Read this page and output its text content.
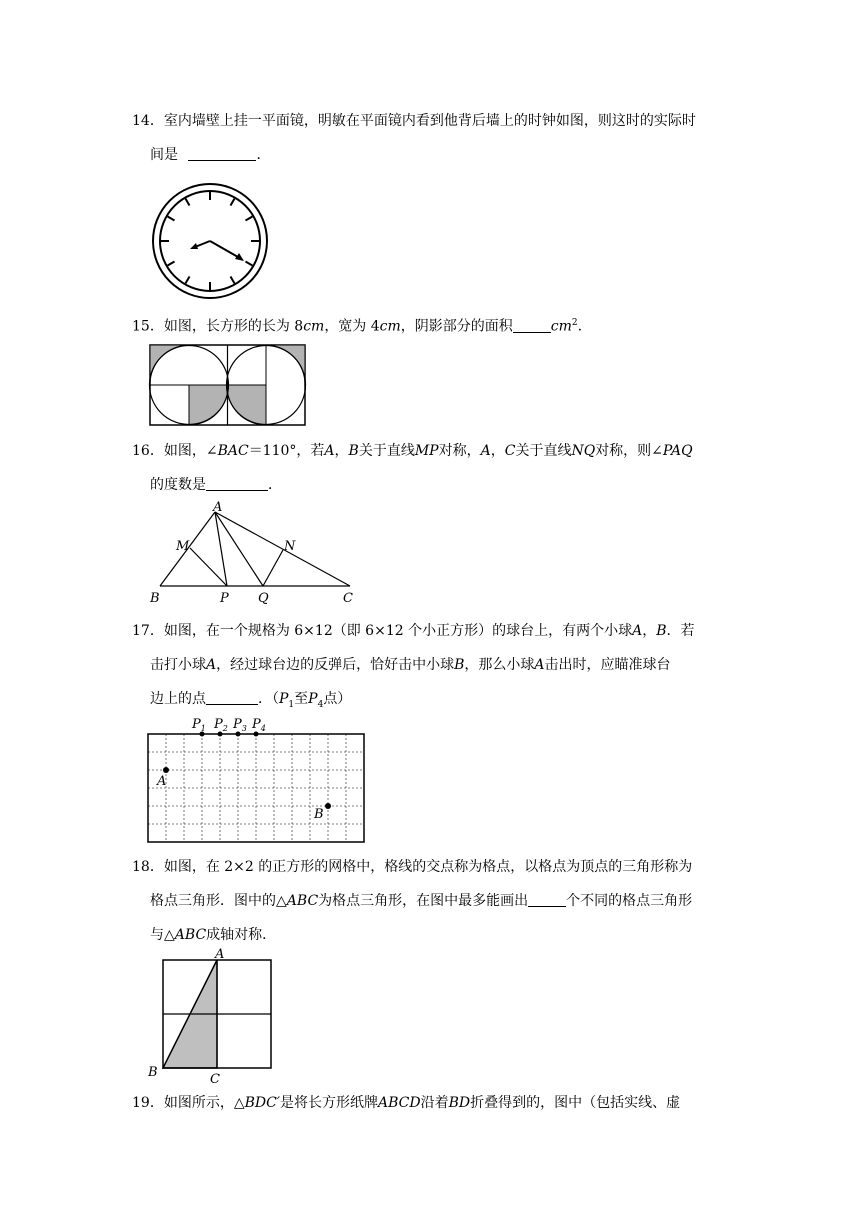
14．室内墙壁上挂一平面镜，明敏在平面镜内看到他背后墙上的时钟如图，则这时的实际时
间是	．
15．如图，长方形的长为 8cm，宽为 4cm，阴影部分的面积	$cm^2$.
16．如图，∠BAC＝110°，若A，B关于直线MP对称，A，C关于直线NQ对称，则∠PAQ
的度数是	．
A
M	N
B	P Q	C
17．如图，在一个规格为 6×12（即 6×12 个小正方形）的球台上，有两个小球A，B．若
击打小球A，经过球台边的反弹后，恰好击中小球B，那么小球A击出时，应瞄准球台
边上的点	．（$P_1$至$P_4$点）
$P_1$ $P_2$ $P_3$ $P_4$
A
B
18．如图，在 2×2 的正方形的网格中，格线的交点称为格点，以格点为顶点的三角形称为
格点三角形．图中的△ABC为格点三角形，在图中最多能画出	个不同的格点三角形
与△ABC成轴对称．
A
B	C
19．如图所示，△BDC′是将长方形纸牌ABCD沿着BD折叠得到的，图中（包括实线、虚
